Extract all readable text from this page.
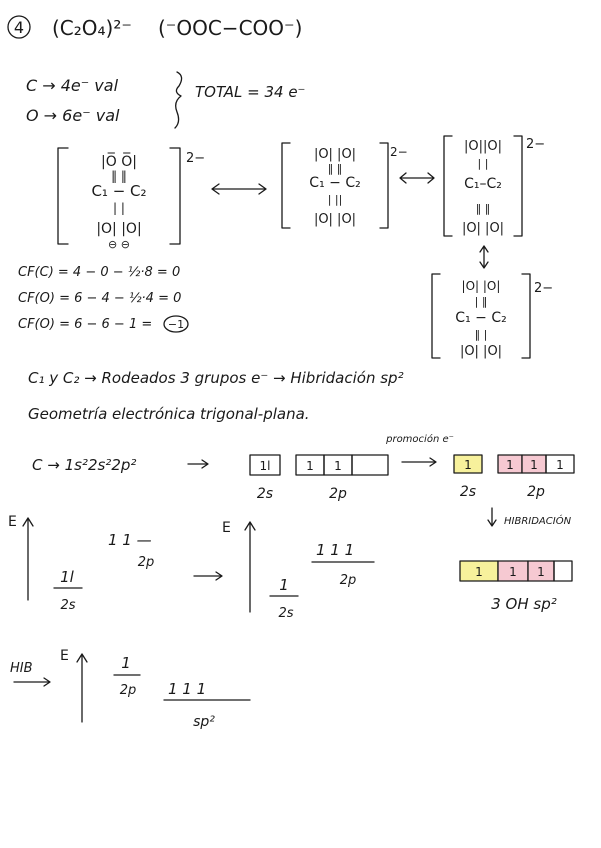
4 (C₂O₄)²⁻ (⁻OOC−COO⁻)
C → 4e⁻ val
O → 6e⁻ val
TOTAL = 34 e⁻
2−
|O̅ O̅|
‖ ‖
C₁ − C₂
| |
|O| |O|
⊖ ⊖
2−
|O| |O|
‖ ‖
C₁ − C₂
| ||
|O| |O|
2−
|O||O|
| |
C₁–C₂
‖ ‖
|O| |O|
2−
|O| |O|
| ‖
C₁ − C₂
‖ |
|O| |O|
CF(C) = 4 − 0 − ½·8 = 0
CF(O) = 6 − 4 − ½·4 = 0
CF(O) = 6 − 6 − 1 = −1
C₁ y C₂ → Rodeados 3 grupos e⁻ → Hibridación sp²
Geometría electrónica trigonal-plana.
C → 1s²2s²2p²	1l	1 1
2s	2p
promoción e⁻
1	1 1 1
2s	2p
HIBRIDACIÓN
1 1 1
3 OH sp²
E
1 1 —
2p
1l
2s
E
1 1 1
2p
1
2s
HIB
E	1
2p 1 1 1
sp²
